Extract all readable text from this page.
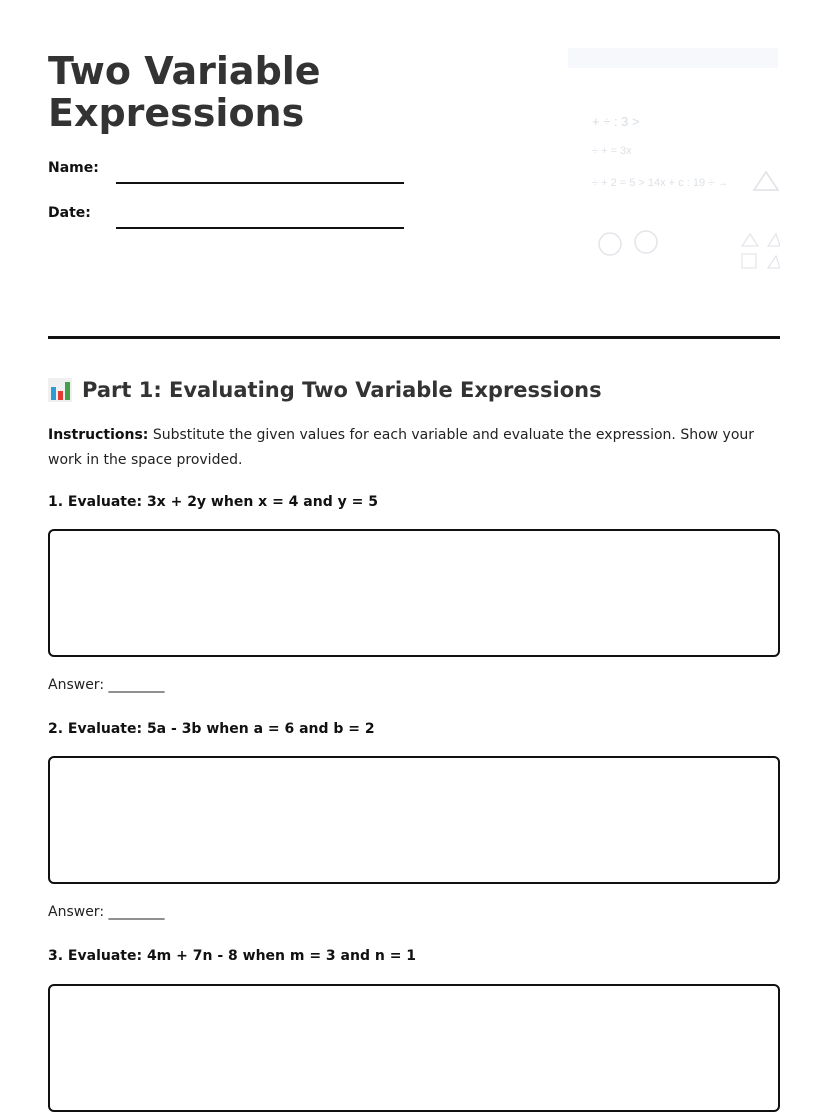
Two Variable Expressions
Name:
Date:
+ ÷ : 3 >
÷ + = 3x
÷ + 2 = 5 > 14x + c : 19 ÷ →
Part 1: Evaluating Two Variable Expressions

Instructions: Substitute the given values for each variable and evaluate the expression. Show your work in the space provided.

1. Evaluate: 3x + 2y when x = 4 and y = 5
Answer: ________
2. Evaluate: 5a - 3b when a = 6 and b = 2
Answer: ________
3. Evaluate: 4m + 7n - 8 when m = 3 and n = 1
